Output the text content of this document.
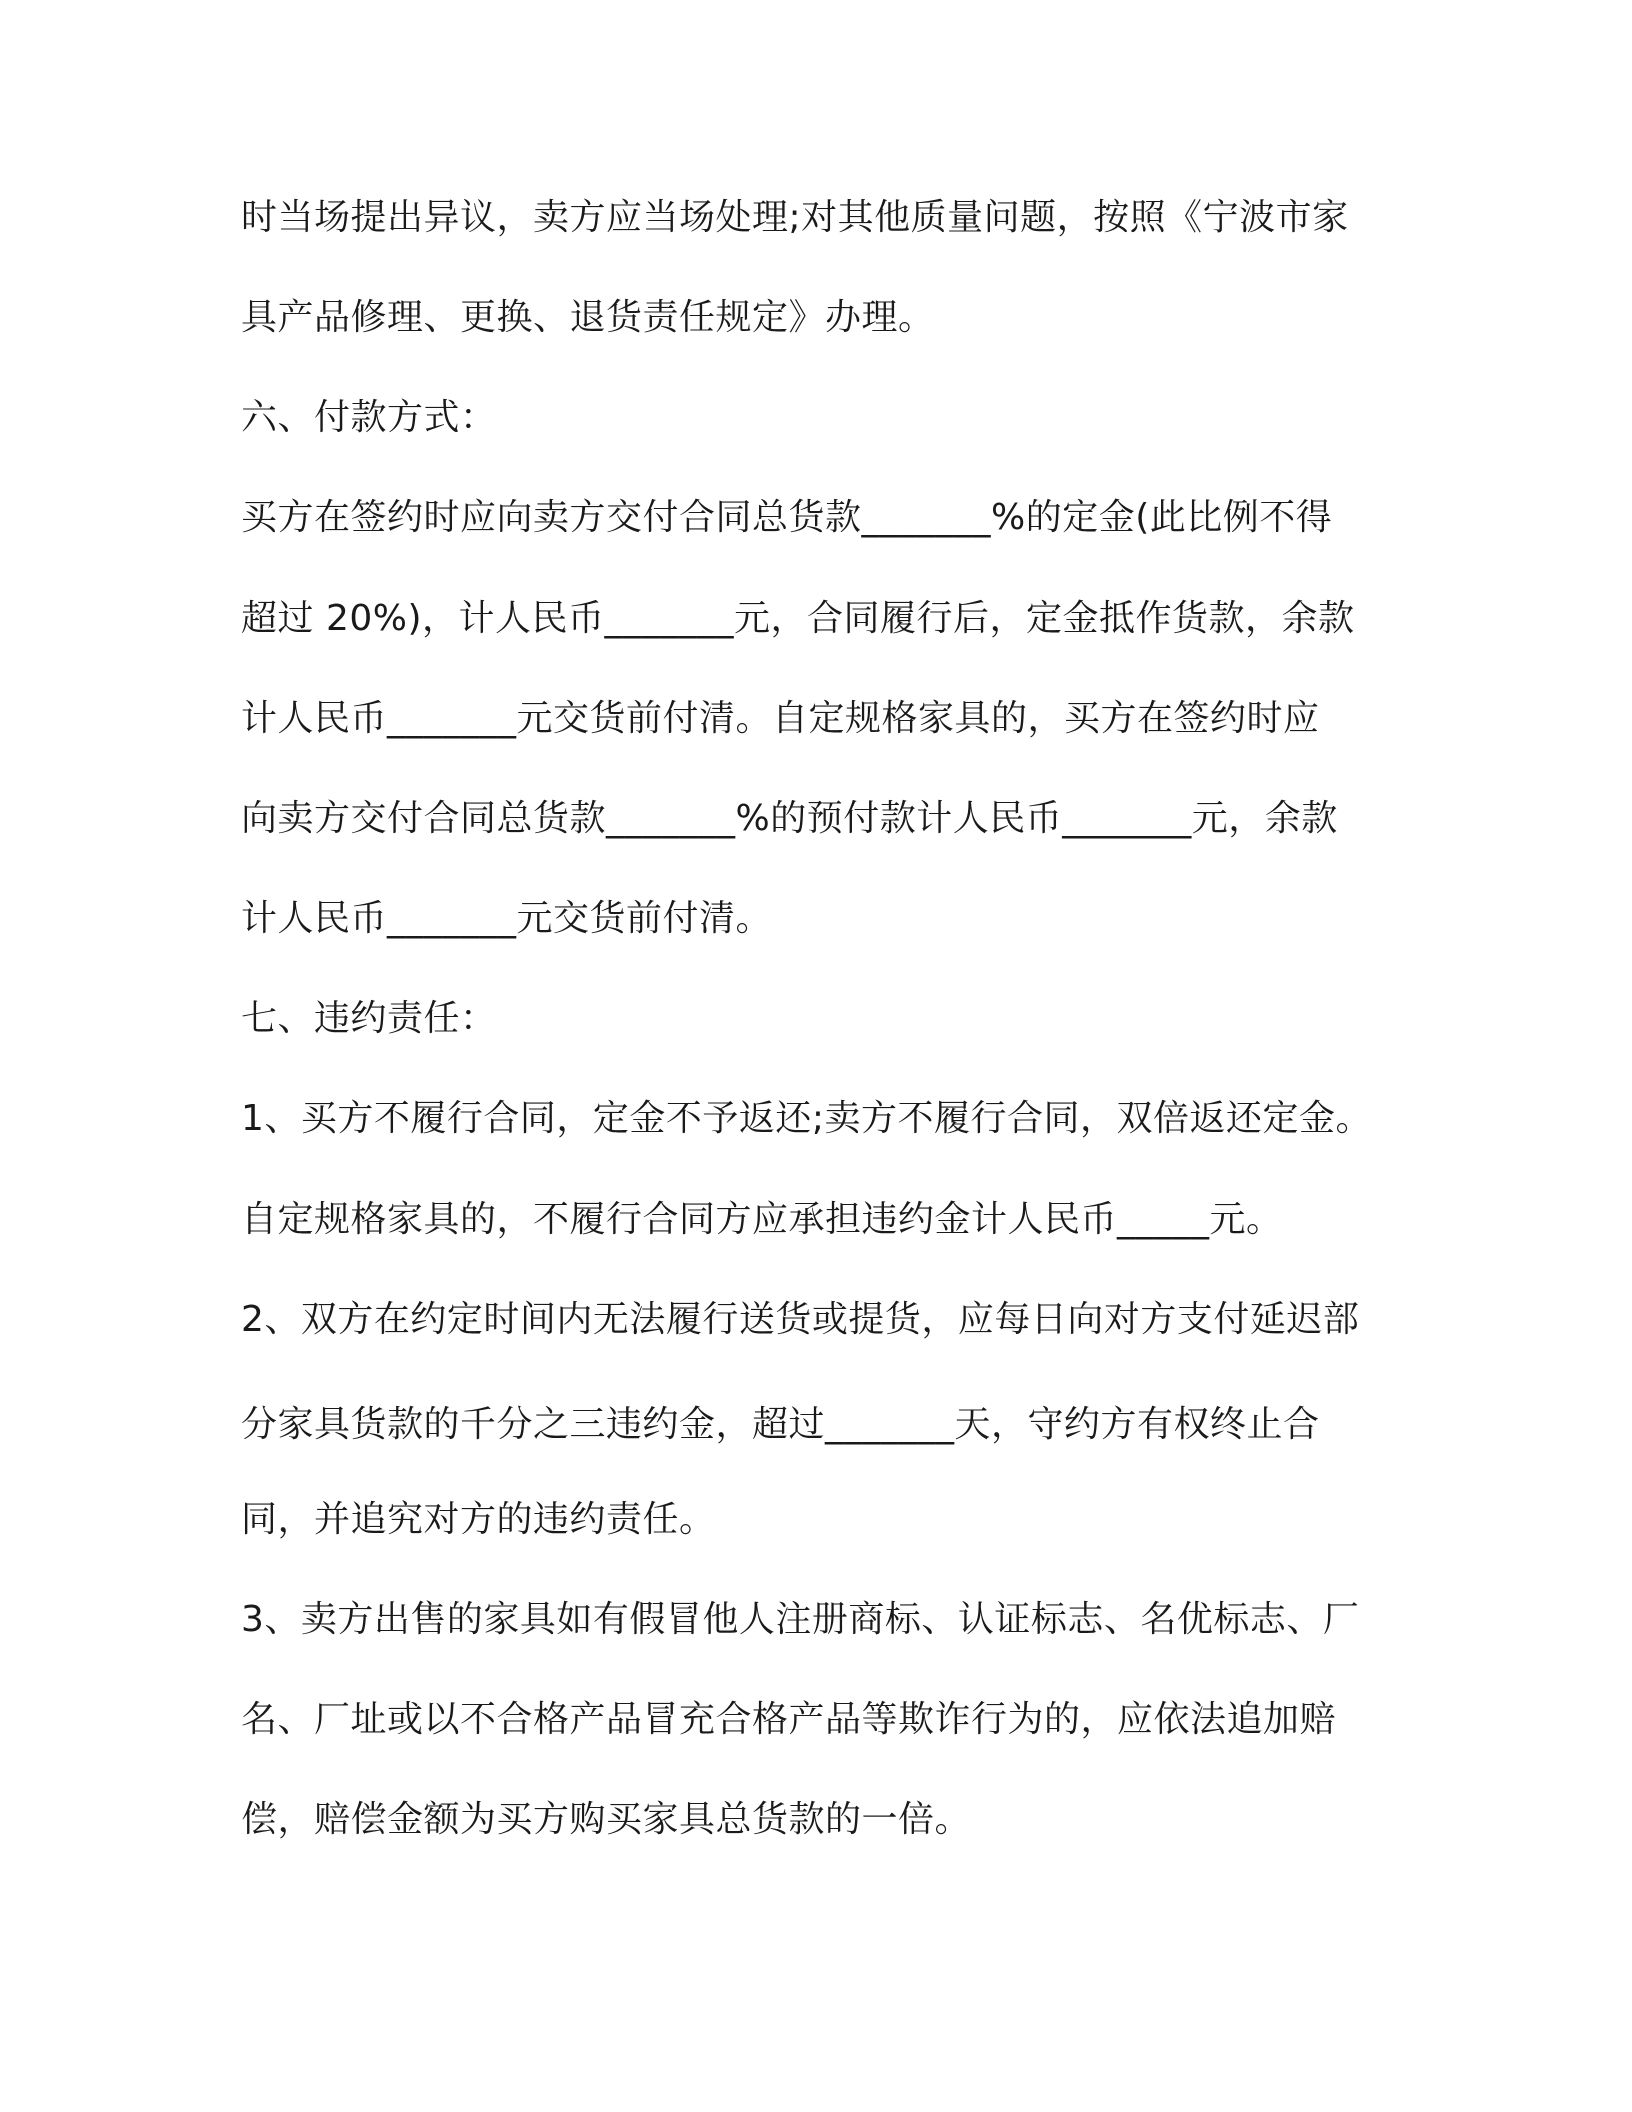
时当场提出异议，卖方应当场处理;对其他质量问题，按照《宁波市家
具产品修理、更换、退货责任规定》办理。
六、付款方式：
买方在签约时应向卖方交付合同总货款_______%的定金(此比例不得
超过 20%)，计人民币_______元，合同履行后，定金抵作货款，余款
计人民币_______元交货前付清。自定规格家具的，买方在签约时应
向卖方交付合同总货款_______%的预付款计人民币_______元，余款
计人民币_______元交货前付清。
七、违约责任：
1、买方不履行合同，定金不予返还;卖方不履行合同，双倍返还定金。
自定规格家具的，不履行合同方应承担违约金计人民币_____元。
2、双方在约定时间内无法履行送货或提货，应每日向对方支付延迟部
分家具货款的千分之三违约金，超过_______天，守约方有权终止合
同，并追究对方的违约责任。
3、卖方出售的家具如有假冒他人注册商标、认证标志、名优标志、厂
名、厂址或以不合格产品冒充合格产品等欺诈行为的，应依法追加赔
偿，赔偿金额为买方购买家具总货款的一倍。
